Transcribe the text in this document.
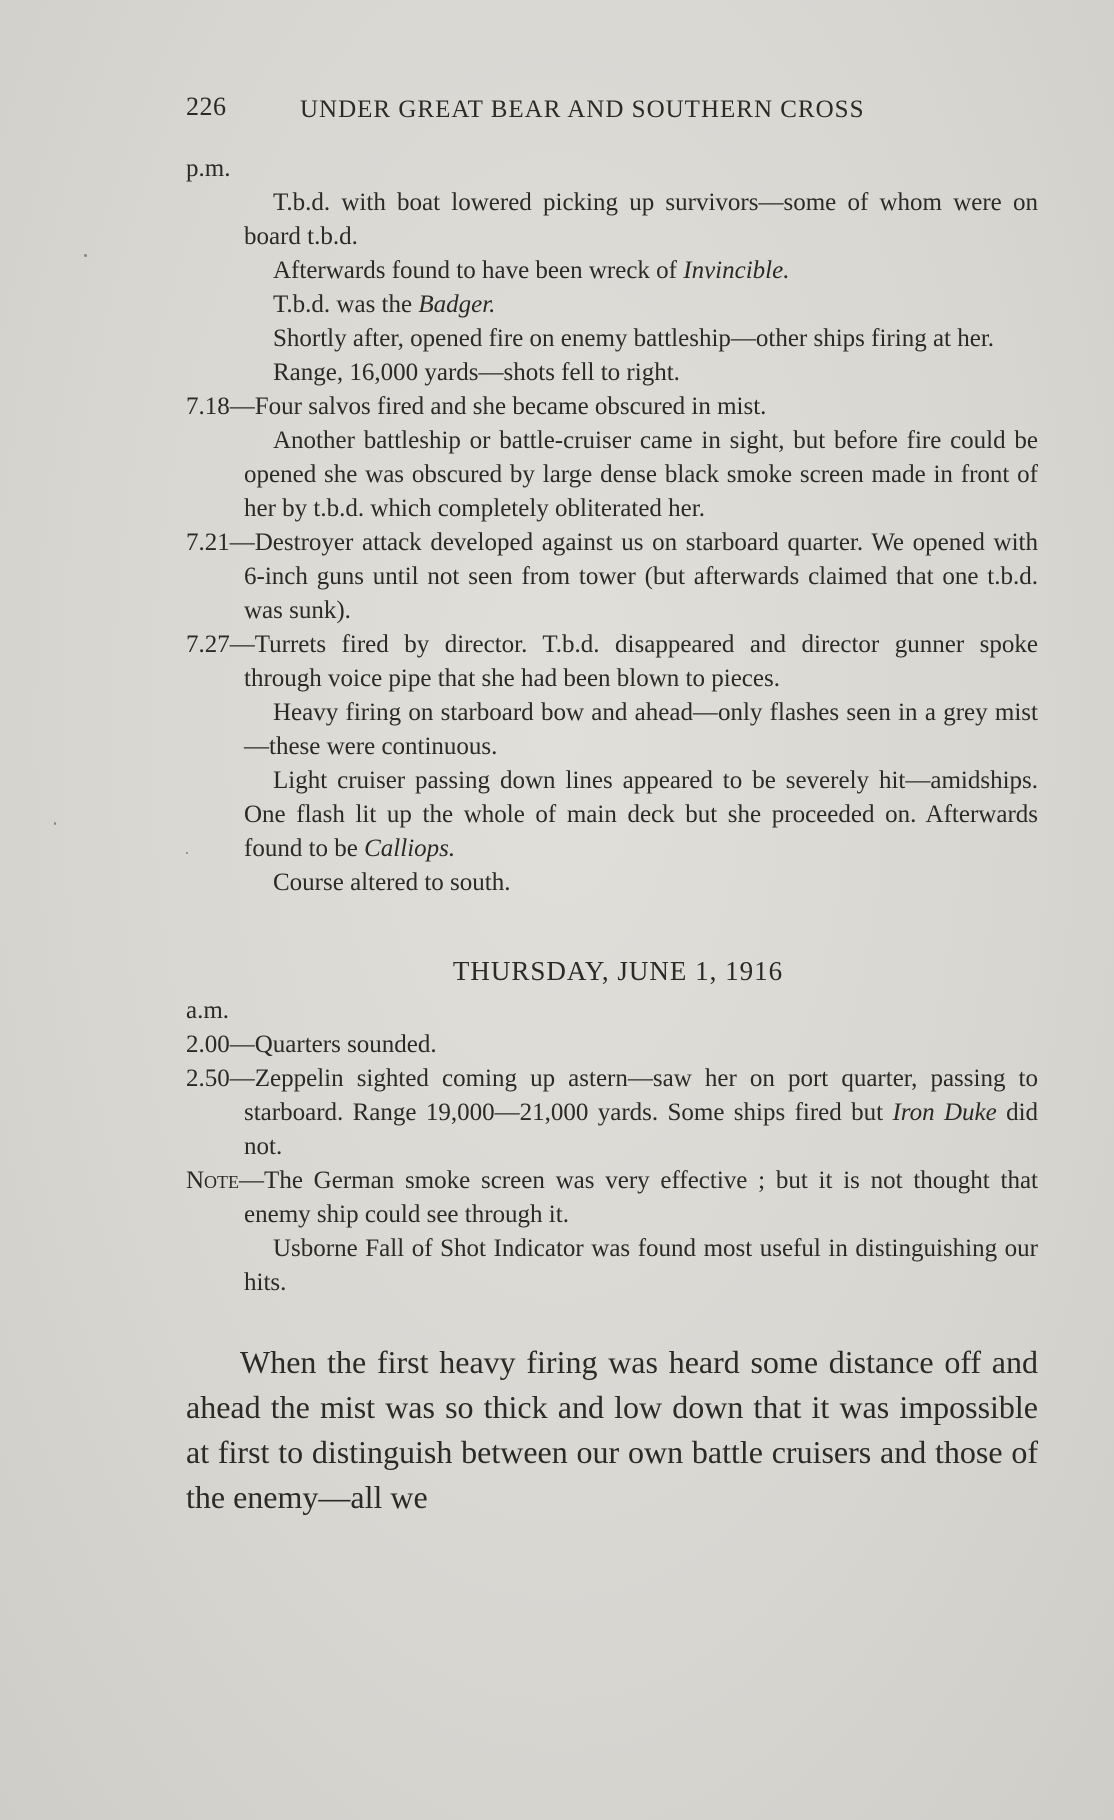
226	UNDER GREAT BEAR AND SOUTHERN CROSS

p.m.

T.b.d. with boat lowered picking up survivors—some of whom were on board t.b.d.

Afterwards found to have been wreck of Invincible.

T.b.d. was the Badger.

Shortly after, opened fire on enemy battleship—other ships firing at her.

Range, 16,000 yards—shots fell to right.

7.18—Four salvos fired and she became obscured in mist.

Another battleship or battle-cruiser came in sight, but before fire could be opened she was obscured by large dense black smoke screen made in front of her by t.b.d. which completely obliterated her.

7.21—Destroyer attack developed against us on starboard quarter. We opened with 6-inch guns until not seen from tower (but afterwards claimed that one t.b.d. was sunk).

7.27—Turrets fired by director. T.b.d. disappeared and director gunner spoke through voice pipe that she had been blown to pieces.

Heavy firing on starboard bow and ahead—only flashes seen in a grey mist—these were continuous.

Light cruiser passing down lines appeared to be severely hit—amidships. One flash lit up the whole of main deck but she proceeded on. Afterwards found to be Calliops.

Course altered to south.

THURSDAY, JUNE 1, 1916

a.m.

2.00—Quarters sounded.

2.50—Zeppelin sighted coming up astern—saw her on port quarter, passing to starboard. Range 19,000—21,000 yards. Some ships fired but Iron Duke did not.

Note—The German smoke screen was very effective ; but it is not thought that enemy ship could see through it.

Usborne Fall of Shot Indicator was found most useful in distinguishing our hits.

When the first heavy firing was heard some distance off and ahead the mist was so thick and low down that it was impossible at first to distinguish between our own battle cruisers and those of the enemy—all we
